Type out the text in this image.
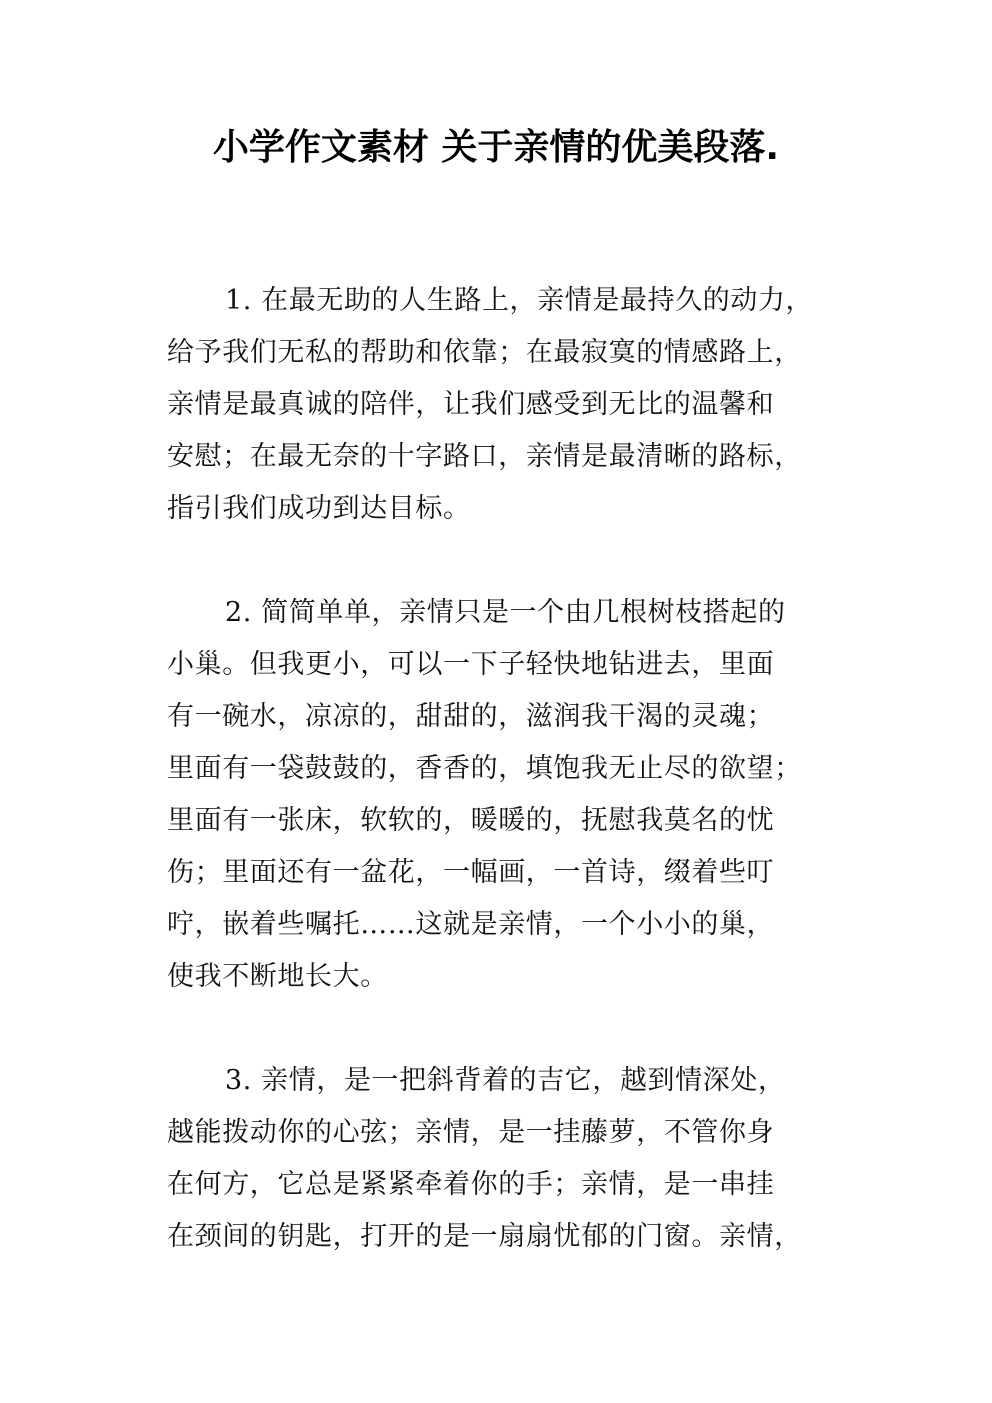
小学作文素材 关于亲情的优美段落.
1. 在最无助的人生路上，亲情是最持久的动力，
给予我们无私的帮助和依靠；在最寂寞的情感路上，
亲情是最真诚的陪伴，让我们感受到无比的温馨和
安慰；在最无奈的十字路口，亲情是最清晰的路标，
指引我们成功到达目标。
2. 简简单单，亲情只是一个由几根树枝搭起的
小巢。但我更小，可以一下子轻快地钻进去，里面
有一碗水，凉凉的，甜甜的，滋润我干渴的灵魂；
里面有一袋鼓鼓的，香香的，填饱我无止尽的欲望；
里面有一张床，软软的，暖暖的，抚慰我莫名的忧
伤；里面还有一盆花，一幅画，一首诗，缀着些叮
咛，嵌着些嘱托……这就是亲情，一个小小的巢，
使我不断地长大。
3. 亲情，是一把斜背着的吉它，越到情深处，
越能拨动你的心弦；亲情，是一挂藤萝，不管你身
在何方，它总是紧紧牵着你的手；亲情，是一串挂
在颈间的钥匙，打开的是一扇扇忧郁的门窗。亲情，
